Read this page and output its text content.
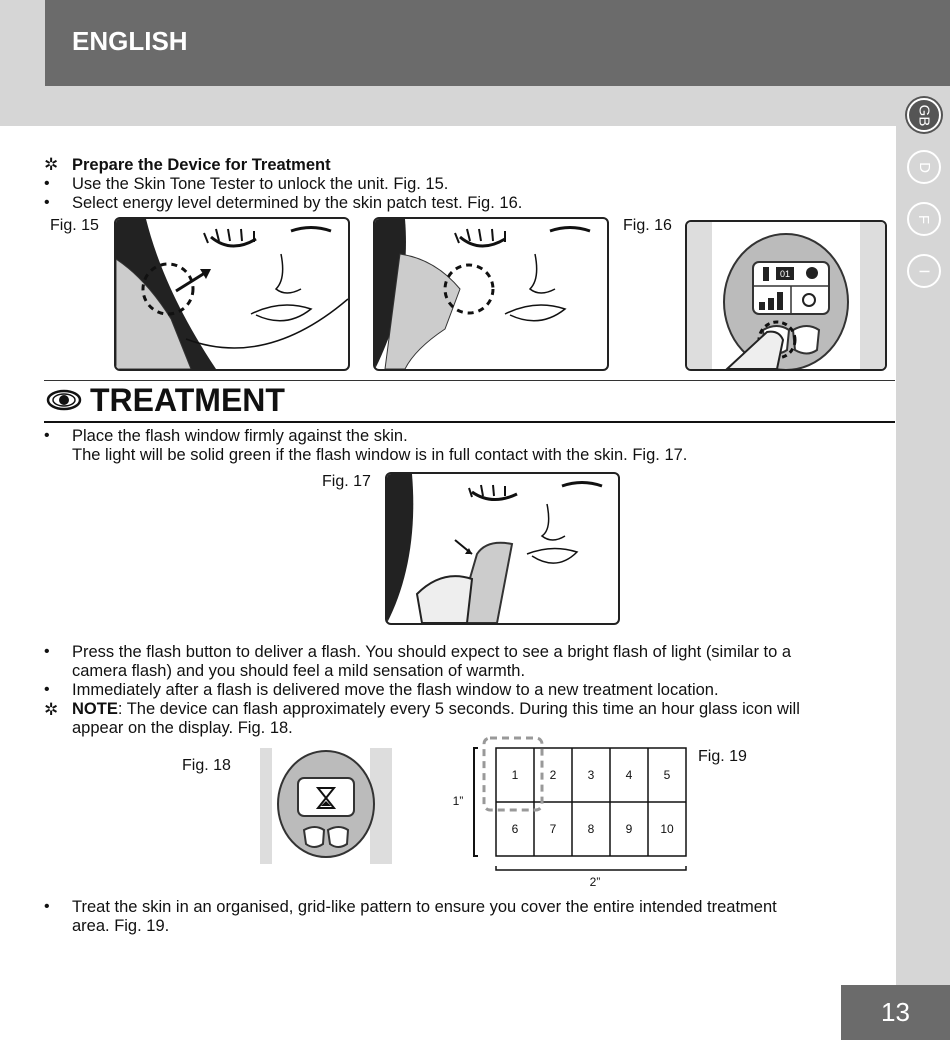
ENGLISH
GB
D
F
I
✲ Prepare the Device for Treatment
• Use the Skin Tone Tester to unlock the unit. Fig. 15.
• Select energy level determined by the skin patch test. Fig. 16.
Fig. 15	Fig. 16
01
TREATMENT
• Place the flash window firmly against the skin.
The light will be solid green if the flash window is in full contact with the skin. Fig. 17.
Fig. 17
• Press the flash button to deliver a flash. You should expect to see a bright flash of light (similar to a
camera flash) and you should feel a mild sensation of warmth.
• Immediately after a flash is delivered move the flash window to a new treatment location.
✲ NOTE: The device can flash approximately every 5 seconds. During this time an hour glass icon will
appear on the display. Fig. 18.
Fig. 18
1	2	3	4	5
6	7	8	9 10
1”
2”
Fig. 19
• Treat the skin in an organised, grid-like pattern to ensure you cover the entire intended treatment
area. Fig. 19.
13
